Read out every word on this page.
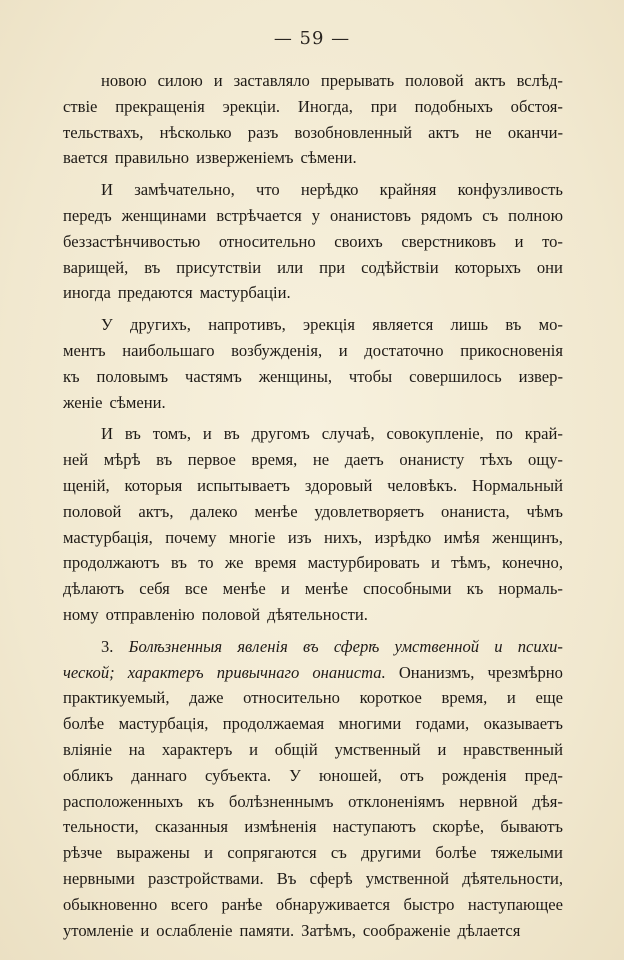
— 59 —
новою силою и заставляло прерывать половой актъ вслѣд-
ствіе прекращенія эрекціи. Иногда, при подобныхъ обстоя-
тельствахъ, нѣсколько разъ возобновленный актъ не оканчи-
вается правильно изверженіемъ сѣмени.
И замѣчательно, что нерѣдко крайняя конфузливость
передъ женщинами встрѣчается у онанистовъ рядомъ съ полною
беззастѣнчивостью относительно своихъ сверстниковъ и то-
варищей, въ присутствіи или при содѣйствіи которыхъ они
иногда предаются мастурбаціи.
У другихъ, напротивъ, эрекція является лишь въ мо-
ментъ наибольшаго возбужденія, и достаточно прикосновенія
къ половымъ частямъ женщины, чтобы совершилось извер-
женіе сѣмени.
И въ томъ, и въ другомъ случаѣ, совокупленіе, по край-
ней мѣрѣ въ первое время, не даетъ онанисту тѣхъ ощу-
щеній, которыя испытываетъ здоровый человѣкъ. Нормальный
половой актъ, далеко менѣе удовлетворяетъ онаниста, чѣмъ
мастурбація, почему многіе изъ нихъ, изрѣдко имѣя женщинъ,
продолжаютъ въ то же время мастурбировать и тѣмъ, конечно,
дѣлаютъ себя все менѣе и менѣе способными къ нормаль-
ному отправленію половой дѣятельности.
3. Болѣзненныя явленія въ сферѣ умственной и психи-
ческой; характеръ привычнаго онаниста. Онанизмъ, чрезмѣрно
практикуемый, даже относительно короткое время, и еще
болѣе мастурбація, продолжаемая многими годами, оказываетъ
вліяніе на характеръ и общій умственный и нравственный
обликъ даннаго субъекта. У юношей, отъ рожденія пред-
расположенныхъ къ болѣзненнымъ отклоненіямъ нервной дѣя-
тельности, сказанныя измѣненія наступаютъ скорѣе, бываютъ
рѣзче выражены и сопрягаются съ другими болѣе тяжелыми
нервными разстройствами. Въ сферѣ умственной дѣятельности,
обыкновенно всего ранѣе обнаруживается быстро наступающее
утомленіе и ослабленіе памяти. Затѣмъ, соображеніе дѣлается
